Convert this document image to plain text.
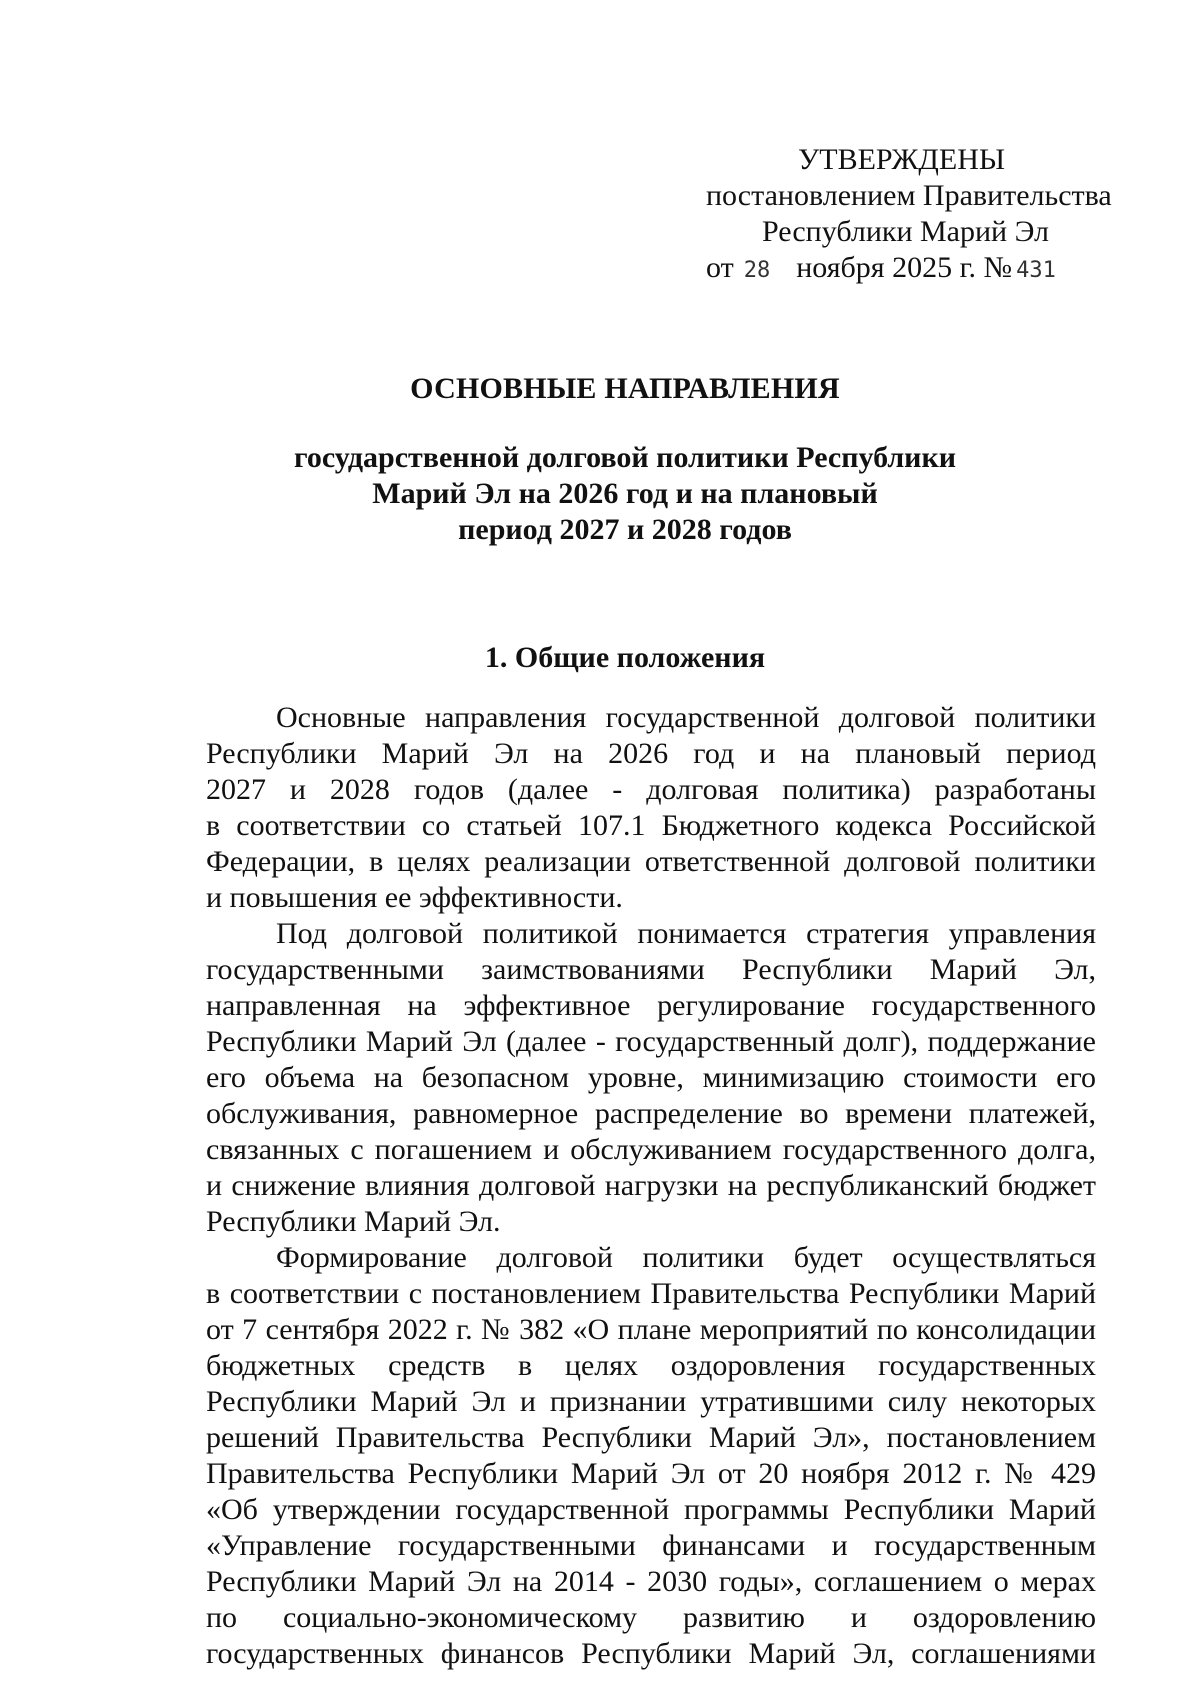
УТВЕРЖДЕНЫ
постановлением Правительства
Республики Марий Эл
от 28 ноября 2025 г. № 431
ОСНОВНЫЕ НАПРАВЛЕНИЯ
государственной долговой политики Республики
Марий Эл на 2026 год и на плановый
период 2027 и 2028 годов
1. Общие положения
Основные направления государственной долговой политики
Республики Марий Эл на 2026 год и на плановый период
2027 и 2028 годов (далее - долговая политика) разработаны
в соответствии со статьей 107.1 Бюджетного кодекса Российской
Федерации, в целях реализации ответственной долговой политики
и повышения ее эффективности.
Под долговой политикой понимается стратегия управления
государственными заимствованиями Республики Марий Эл,
направленная на эффективное регулирование государственного
Республики Марий Эл (далее - государственный долг), поддержание
его объема на безопасном уровне, минимизацию стоимости его
обслуживания, равномерное распределение во времени платежей,
связанных с погашением и обслуживанием государственного долга,
и снижение влияния долговой нагрузки на республиканский бюджет
Республики Марий Эл.
Формирование долговой политики будет осуществляться
в соответствии с постановлением Правительства Республики Марий
от 7 сентября 2022 г. № 382 «О плане мероприятий по консолидации
бюджетных средств в целях оздоровления государственных
Республики Марий Эл и признании утратившими силу некоторых
решений Правительства Республики Марий Эл», постановлением
Правительства Республики Марий Эл от 20 ноября 2012 г. № 429
«Об утверждении государственной программы Республики Марий
«Управление государственными финансами и государственным
Республики Марий Эл на 2014 - 2030 годы», соглашением о мерах
по социально-экономическому развитию и оздоровлению
государственных финансов Республики Марий Эл, соглашениями
